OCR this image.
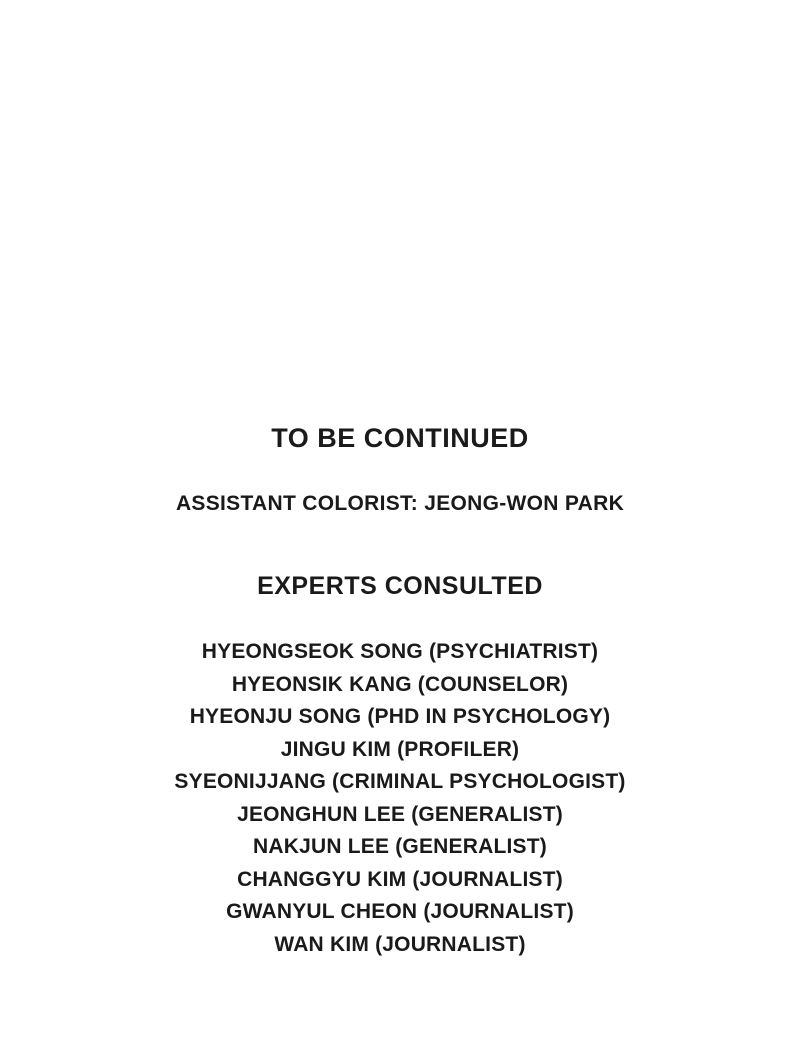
TO BE CONTINUED
ASSISTANT COLORIST: JEONG-WON PARK
EXPERTS CONSULTED
HYEONGSEOK SONG (PSYCHIATRIST)
HYEONSIK KANG (COUNSELOR)
HYEONJU SONG (PHD IN PSYCHOLOGY)
JINGU KIM (PROFILER)
SYEONIJJANG (CRIMINAL PSYCHOLOGIST)
JEONGHUN LEE (GENERALIST)
NAKJUN LEE (GENERALIST)
CHANGGYU KIM (JOURNALIST)
GWANYUL CHEON (JOURNALIST)
WAN KIM (JOURNALIST)
